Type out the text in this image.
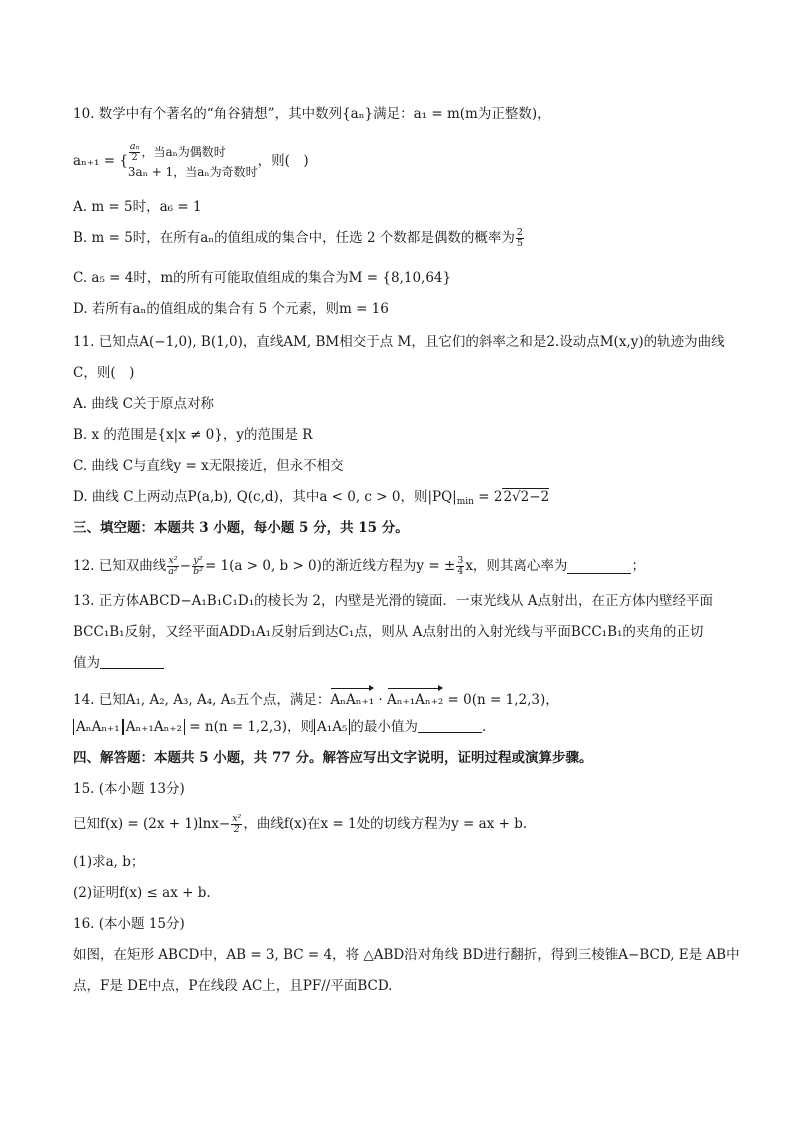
10. 数学中有个著名的“角谷猜想”，其中数列{aₙ}满足：a₁ = m(m为正整数)，
aₙ₊₁ = { $\frac{\text{aₙ}}{2}$ ，当aₙ为偶数时
3aₙ + 1，当aₙ为奇数时
，则(　)
A. m = 5时，a₆ = 1
B. m = 5时，在所有aₙ的值组成的集合中，任选 2 个数都是偶数的概率为 $\frac{2}{5}$
C. a₅ = 4时，m的所有可能取值组成的集合为M = {8,10,64}
D. 若所有aₙ的值组成的集合有 5 个元素，则m = 16
11. 已知点A(−1,0), B(1,0)，直线AM, BM相交于点 M，且它们的斜率之和是2.设动点M(x,y)的轨迹为曲线
C，则(　)
A. 曲线 C关于原点对称
B. x 的范围是{x|x ≠ 0}，y的范围是 R
C. 曲线 C与直线y = x无限接近，但永不相交
D. 曲线 C上两动点P(a,b), Q(c,d)，其中a < 0, c > 0，则$|PQ|_{min} = 22√2-2$
三、填空题：本题共 3 小题，每小题 5 分，共 15 分。
12. 已知双曲线 $\frac{\text{x²}}{\text{a²}} - \frac{\text{y²}}{\text{b²}} = 1(a > 0$, b > 0)的渐近线方程为y = ± $\frac{3}{4}$ x，则其离心率为	；
13. 正方体ABCD−A₁B₁C₁D₁的棱长为 2，内壁是光滑的镜面．一束光线从 A点射出，在正方体内壁经平面
BCC₁B₁反射，又经平面ADD₁A₁反射后到达C₁点，则从 A点射出的入射光线与平面BCC₁B₁的夹角的正切
值为
14. 已知A₁, A₂, A₃, A₄, A₅五个点，满足：AₙAₙ₊₁ · Aₙ₊₁Aₙ₊₂ = 0(n = 1,2,3)，
AₙAₙ₊₁ Aₙ₊₁Aₙ₊₂ = n(n = 1,2,3)，则 A₁A₅ 的最小值为	.
四、解答题：本题共 5 小题，共 77 分。解答应写出文字说明，证明过程或演算步骤。
15. (本小题 13分)
已知$f(x) = (2x + 1)\ln x- \frac{\text{x²}}{2}$ ，曲线f(x)在x = 1处的切线方程为y = ax + b.
(1)求a, b；
(2)证明f(x) ≤ ax + b.
16. (本小题 15分)
如图，在矩形 ABCD中，AB = 3, BC = 4，将 △ABD沿对角线 BD进行翻折，得到三棱锥A−BCD, E是 AB中
点，F是 DE中点，P在线段 AC上，且PF//平面BCD.
